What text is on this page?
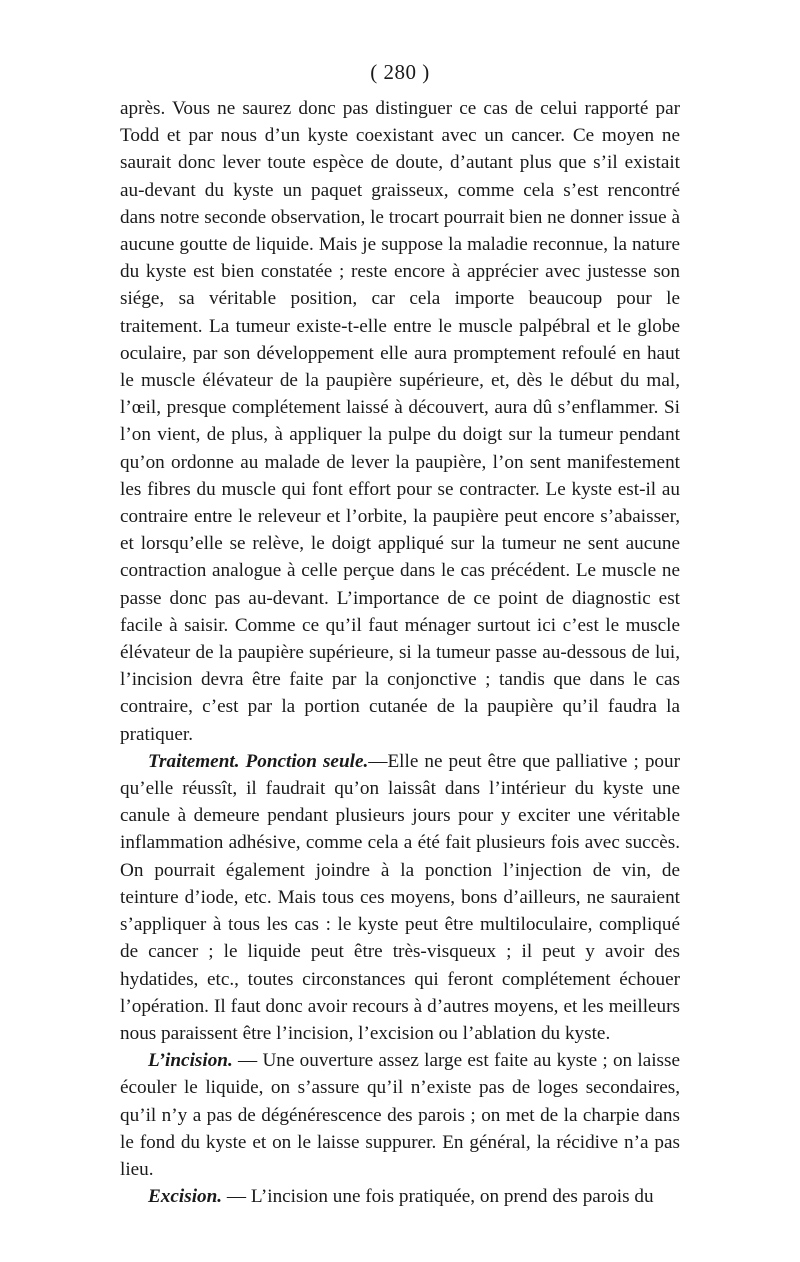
( 280 )

après. Vous ne saurez donc pas distinguer ce cas de celui rapporté par Todd et par nous d’un kyste coexistant avec un cancer. Ce moyen ne saurait donc lever toute espèce de doute, d’autant plus que s’il existait au-devant du kyste un paquet graisseux, comme cela s’est rencontré dans notre seconde observation, le trocart pourrait bien ne donner issue à aucune goutte de liquide. Mais je suppose la maladie reconnue, la nature du kyste est bien constatée ; reste encore à apprécier avec justesse son siége, sa véritable position, car cela importe beaucoup pour le traitement. La tumeur existe-t-elle entre le muscle palpébral et le globe oculaire, par son développement elle aura promptement refoulé en haut le muscle élévateur de la paupière supérieure, et, dès le début du mal, l’œil, presque complétement laissé à découvert, aura dû s’enflammer. Si l’on vient, de plus, à appliquer la pulpe du doigt sur la tumeur pendant qu’on ordonne au malade de lever la paupière, l’on sent manifestement les fibres du muscle qui font effort pour se contracter. Le kyste est-il au contraire entre le releveur et l’orbite, la paupière peut encore s’abaisser, et lorsqu’elle se relève, le doigt appliqué sur la tumeur ne sent aucune contraction analogue à celle perçue dans le cas précédent. Le muscle ne passe donc pas au-devant. L’importance de ce point de diagnostic est facile à saisir. Comme ce qu’il faut ménager surtout ici c’est le muscle élévateur de la paupière supérieure, si la tumeur passe au-dessous de lui, l’incision devra être faite par la conjonctive ; tandis que dans le cas contraire, c’est par la portion cutanée de la paupière qu’il faudra la pratiquer.

Traitement. Ponction seule.—Elle ne peut être que palliative ; pour qu’elle réussît, il faudrait qu’on laissât dans l’intérieur du kyste une canule à demeure pendant plusieurs jours pour y exciter une véritable inflammation adhésive, comme cela a été fait plusieurs fois avec succès. On pourrait également joindre à la ponction l’injection de vin, de teinture d’iode, etc. Mais tous ces moyens, bons d’ailleurs, ne sauraient s’appliquer à tous les cas : le kyste peut être multiloculaire, compliqué de cancer ; le liquide peut être très-visqueux ; il peut y avoir des hydatides, etc., toutes circonstances qui feront complétement échouer l’opération. Il faut donc avoir recours à d’autres moyens, et les meilleurs nous paraissent être l’incision, l’excision ou l’ablation du kyste.

L’incision. — Une ouverture assez large est faite au kyste ; on laisse écouler le liquide, on s’assure qu’il n’existe pas de loges secondaires, qu’il n’y a pas de dégénérescence des parois ; on met de la charpie dans le fond du kyste et on le laisse suppurer. En général, la récidive n’a pas lieu.

Excision. — L’incision une fois pratiquée, on prend des parois du
